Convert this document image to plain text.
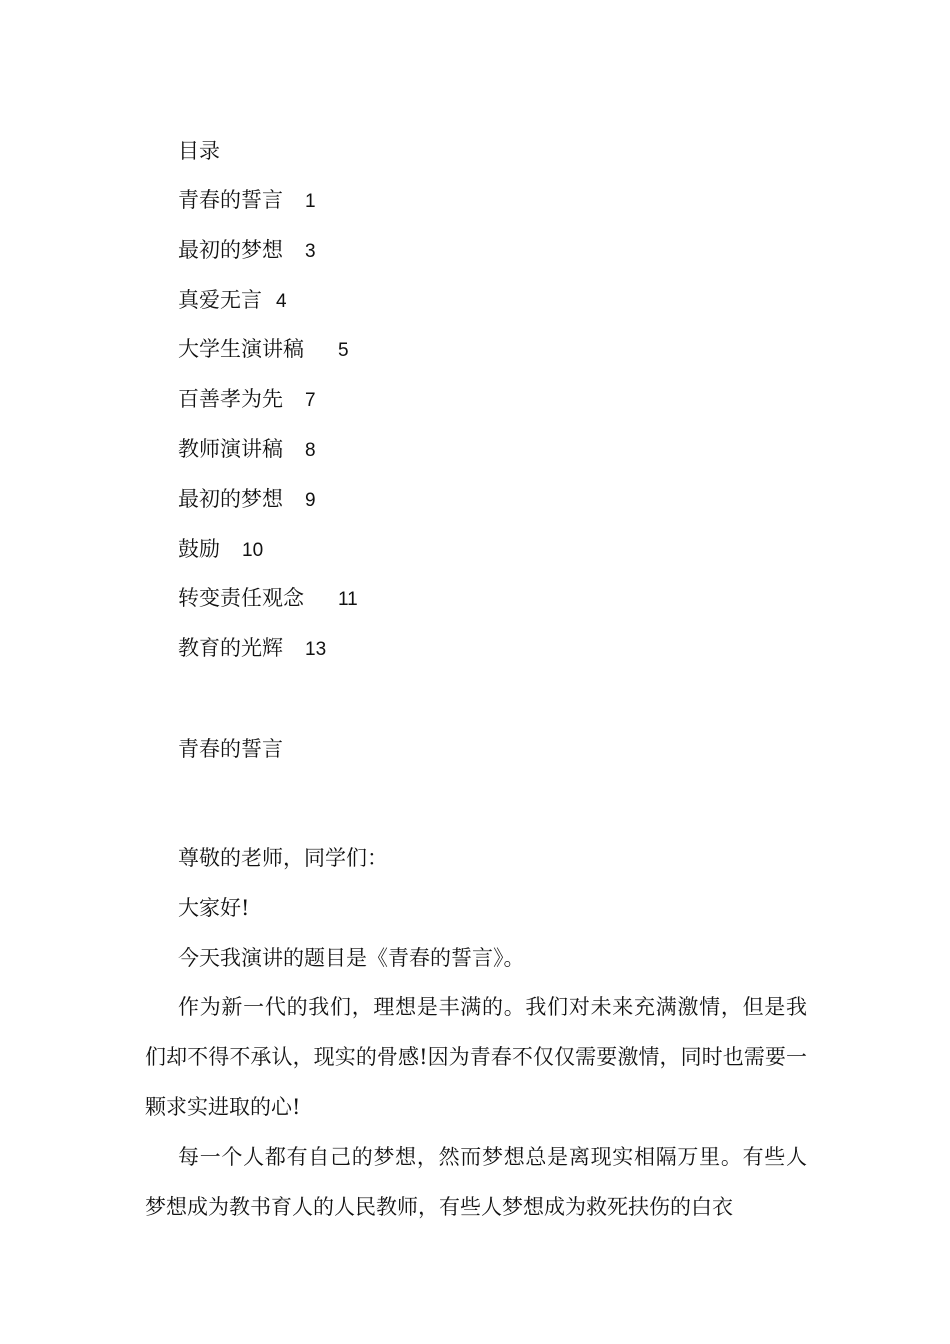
目录
青春的誓言 1
最初的梦想 3
真爱无言 4
大学生演讲稿 5
百善孝为先 7
教师演讲稿 8
最初的梦想 9
鼓励 10
转变责任观念 11
教育的光辉 13
青春的誓言

尊敬的老师，同学们：

大家好!

今天我演讲的题目是《青春的誓言》。

作为新一代的我们，理想是丰满的。我们对未来充满激情，但是我们却不得不承认，现实的骨感!因为青春不仅仅需要激情，同时也需要一颗求实进取的心!

每一个人都有自己的梦想，然而梦想总是离现实相隔万里。有些人梦想成为教书育人的人民教师，有些人梦想成为救死扶伤的白衣
